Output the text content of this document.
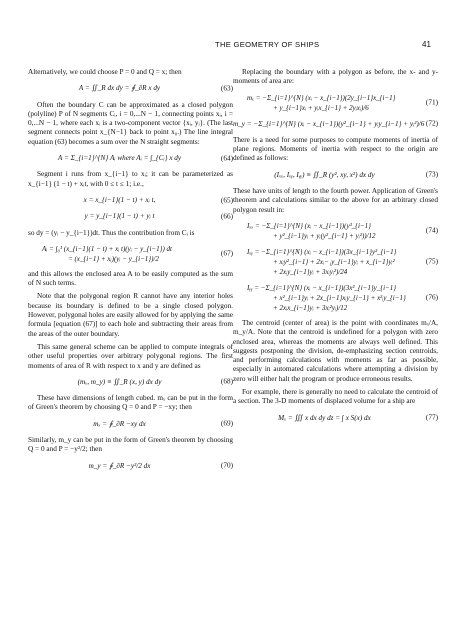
THE GEOMETRY OF SHIPS	41

Alternatively, we could choose P = 0 and Q = x; then

A = ∬_R dx dy = ∮_∂R x dy	(63)

Often the boundary C can be approximated as a closed polygon (polyline) P of N segments Cᵢ, i = 0,...N − 1, connecting points xᵢ, i = 0,...N − 1, where each xᵢ is a two-component vector {xᵢ, yᵢ}. (The last segment connects point x_{N−1} back to point x₀.) The line integral equation (63) becomes a sum over the N straight segments:

A = Σ_{i=1}^{N} Aᵢ where Aᵢ = ∫_{Cᵢ} x dy	(64)

Segment i runs from x_{i−1} to xᵢ; it can be parameterized as x_{i−1} (1 − t) + xᵢt, with 0 ≤ t ≤ 1; i.e.,

x = x_{i−1}(1 − t) + xᵢ t,	(65)
y = y_{i−1}(1 − t) + yᵢ t	(66)

so dy = (yᵢ − y_{i−1})dt. Thus the contribution from Cᵢ is

Aᵢ = ∫₀¹ (x_{i−1}(1 − t) + xᵢ t)(yᵢ − y_{i−1}) dt
= (x_{i−1} + xᵢ)(yᵢ − y_{i−1})/2
(67)

and this allows the enclosed area A to be easily computed as the sum of N such terms.

Note that the polygonal region R cannot have any interior holes because its boundary is defined to be a single closed polygon. However, polygonal holes are easily allowed for by applying the same formula [equation (67)] to each hole and subtracting their areas from the areas of the outer boundary.

This same general scheme can be applied to compute integrals of other useful properties over arbitrary polygonal regions. The first moments of area of R with respect to x and y are defined as

(mₓ, m_y) ≡ ∬_R (x, y) dx dy	(68)

These have dimensions of length cubed. mₓ can be put in the form of Green's theorem by choosing Q = 0 and P = −xy; then

mₓ = ∮_∂R −xy dx	(69)

Similarly, m_y can be put in the form of Green's theorem by choosing Q = 0 and P = −y²/2; then

m_y = ∮_∂R −y²/2 dx	(70)

Replacing the boundary with a polygon as before, the x- and y-moments of area are:

mₓ = −Σ_{i=1}^{N} (xᵢ − x_{i−1})(2y_{i−1}x_{i−1}
+ y_{i−1}xᵢ + yᵢx_{i−1} + 2yᵢxᵢ)/6
(71)
m_y = −Σ_{i=1}^{N} (xᵢ − x_{i−1})(y²_{i−1} + yᵢy_{i−1} + yᵢ²)/6 (72)

There is a need for some purposes to compute moments of inertia of plane regions. Moments of inertia with respect to the origin are defined as follows:

(Iₓₓ, Iₓᵧ, Iᵧᵧ) ≡ ∬_R (y², xy, x²) dx dy	(73)

These have units of length to the fourth power. Application of Green's theorem and calculations similar to the above for an arbitrary closed polygon result in:

Iₓₓ = −Σ_{i=1}^{N} (xᵢ − x_{i−1})(y³_{i−1}
+ y²_{i−1}yᵢ + yᵢ(y²_{i−1} + yᵢ²))/12
(74)
Iₓᵧ = −Σ_{i=1}^{N} (xᵢ − x_{i−1})(3x_{i−1}y²_{i−1}
+ xᵢy²_{i−1} + 2xᵢ−₁y_{i−1}yᵢ + x_{i−1}yᵢ²
+ 2xᵢy_{i−1}yᵢ + 3xᵢyᵢ²)/24
(75)
Iᵧᵧ = −Σ_{i=1}^{N} (xᵢ − x_{i−1})(3x²_{i−1}y_{i−1}
+ x²_{i−1}yᵢ + 2x_{i−1}xᵢy_{i−1} + x²ᵢy_{i−1}
+ 2xᵢx_{i−1}yᵢ + 3xᵢ²yᵢ)/12
(76)

The centroid (center of area) is the point with coordinates mₓ/A, m_y/A. Note that the centroid is undefined for a polygon with zero enclosed area, whereas the moments are always well defined. This suggests postponing the division, de-emphasizing section centroids, and performing calculations with moments as far as possible, especially in automated calculations where attempting a division by zero will either halt the program or produce erroneous results.

For example, there is generally no need to calculate the centroid of a section. The 3-D moments of displaced volume for a ship are

Mₓ = ∭ x dx dy dz = ∫ x S(x) dx	(77)
